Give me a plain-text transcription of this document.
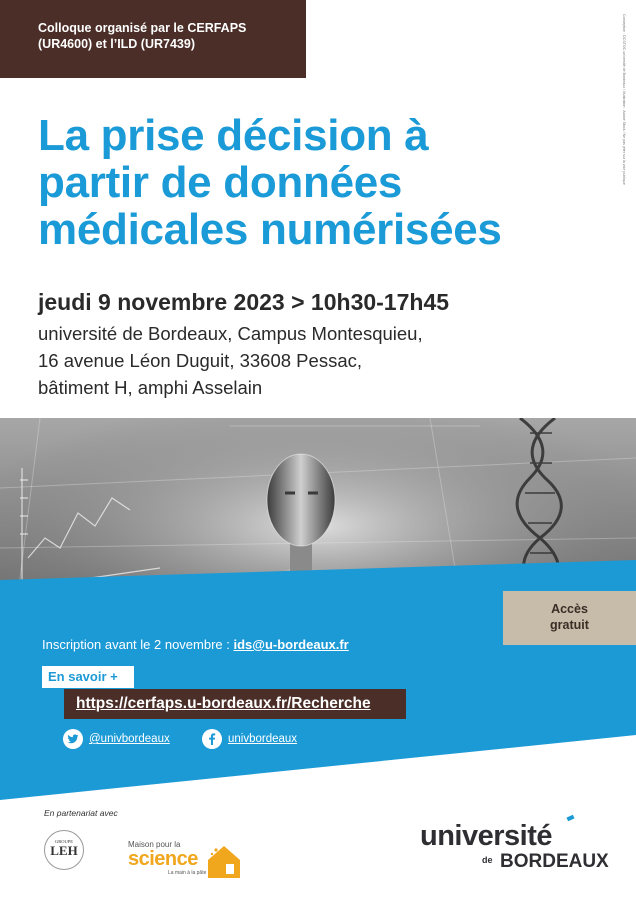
Colloque organisé par le CERFAPS
(UR4600) et l’ILD (UR7439)	Conception : DCSTOC université de Bordeaux / Illustration : Adobe Stock / Ne pas jeter sur la voie publique
La prise décision à
partir de données
médicales numérisées
jeudi 9 novembre 2023 > 10h30-17h45
université de Bordeaux, Campus Montesquieu,
16 avenue Léon Duguit, 33608 Pessac,
bâtiment H, amphi Asselain
Accès
gratuit
Inscription avant le 2 novembre : ids@u-bordeaux.fr
En savoir +
https://cerfaps.u-bordeaux.fr/Recherche
@univbordeaux	univbordeaux
En partenariat avec
GROUPE
LEH	Maison pour la
science
La main à la pâte
université
de BORDEAUX
